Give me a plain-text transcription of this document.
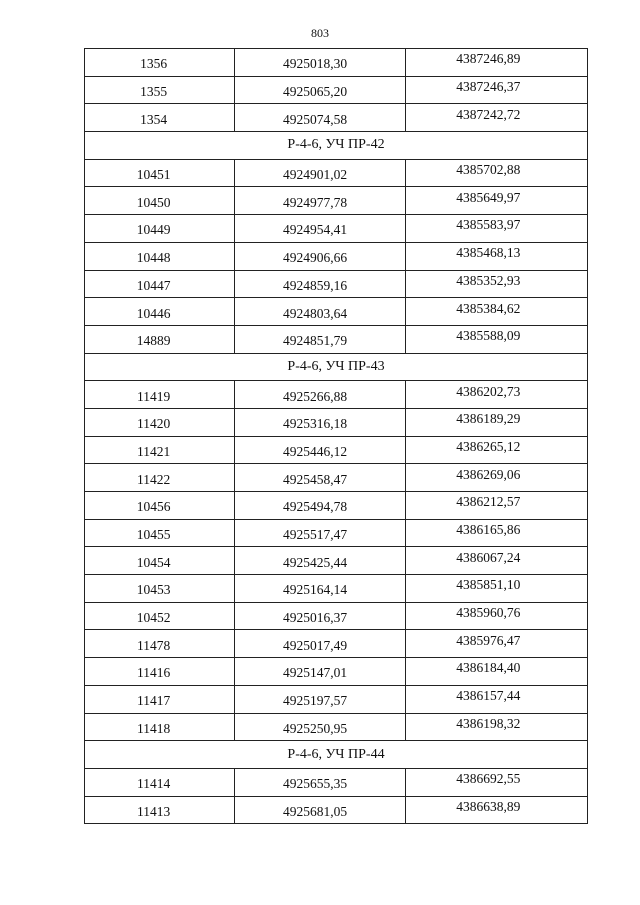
803
1356	4925018,30	4387246,89
1355	4925065,20	4387246,37
1354	4925074,58	4387242,72
Р-4-6, УЧ ПР-42		
10451	4924901,02	4385702,88
10450	4924977,78	4385649,97
10449	4924954,41	4385583,97
10448	4924906,66	4385468,13
10447	4924859,16	4385352,93
10446	4924803,64	4385384,62
14889	4924851,79	4385588,09
Р-4-6, УЧ ПР-43		
11419	4925266,88	4386202,73
11420	4925316,18	4386189,29
11421	4925446,12	4386265,12
11422	4925458,47	4386269,06
10456	4925494,78	4386212,57
10455	4925517,47	4386165,86
10454	4925425,44	4386067,24
10453	4925164,14	4385851,10
10452	4925016,37	4385960,76
11478	4925017,49	4385976,47
11416	4925147,01	4386184,40
11417	4925197,57	4386157,44
11418	4925250,95	4386198,32
Р-4-6, УЧ ПР-44		
11414	4925655,35	4386692,55
11413	4925681,05	4386638,89
